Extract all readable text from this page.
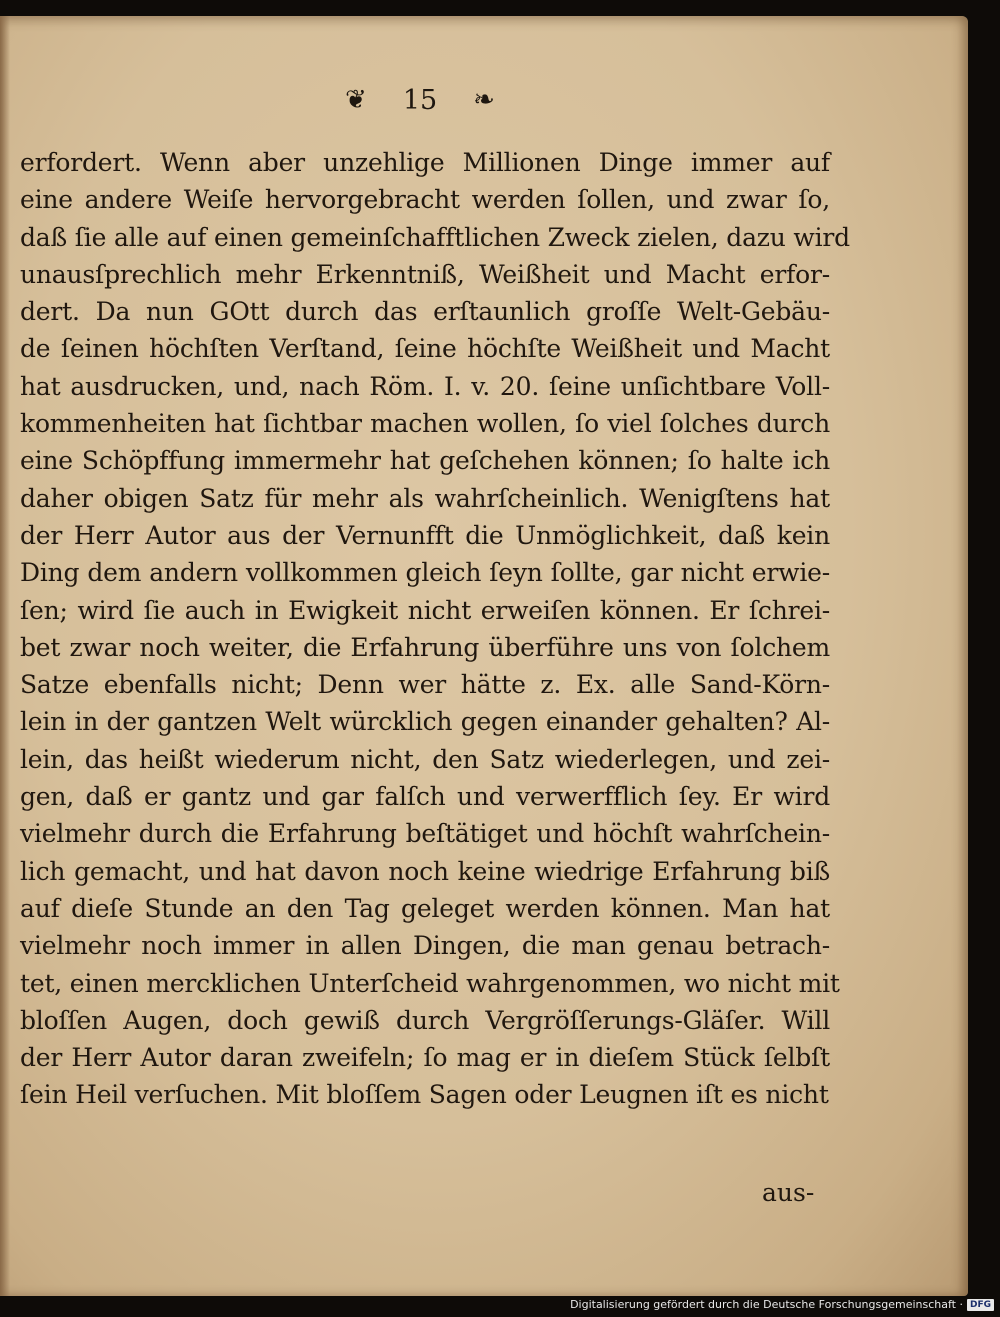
❦ 15 ❧
erfordert. Wenn aber unzehlige Millionen Dinge immer auf
eine andere Weiſe hervorgebracht werden ſollen, und zwar ſo,
daß ſie alle auf einen gemeinſchafftlichen Zweck zielen, dazu wird
unausſprechlich mehr Erkenntniß, Weißheit und Macht erfor-
dert. Da nun GOtt durch das erſtaunlich groſſe Welt-Gebäu-
de ſeinen höchſten Verſtand, ſeine höchſte Weißheit und Macht
hat ausdrucken, und, nach Röm. I. v. 20. ſeine unſichtbare Voll-
kommenheiten hat ſichtbar machen wollen, ſo viel ſolches durch
eine Schöpffung immermehr hat geſchehen können; ſo halte ich
daher obigen Satz für mehr als wahrſcheinlich. Wenigſtens hat
der Herr Autor aus der Vernunfft die Unmöglichkeit, daß kein
Ding dem andern vollkommen gleich ſeyn ſollte, gar nicht erwie-
ſen; wird ſie auch in Ewigkeit nicht erweiſen können. Er ſchrei-
bet zwar noch weiter, die Erfahrung überführe uns von ſolchem
Satze ebenfalls nicht; Denn wer hätte z. Ex. alle Sand-Körn-
lein in der gantzen Welt würcklich gegen einander gehalten? Al-
lein, das heißt wiederum nicht, den Satz wiederlegen, und zei-
gen, daß er gantz und gar falſch und verwerfflich ſey. Er wird
vielmehr durch die Erfahrung beſtätiget und höchſt wahrſchein-
lich gemacht, und hat davon noch keine wiedrige Erfahrung biß
auf dieſe Stunde an den Tag geleget werden können. Man hat
vielmehr noch immer in allen Dingen, die man genau betrach-
tet, einen mercklichen Unterſcheid wahrgenommen, wo nicht mit
bloſſen Augen, doch gewiß durch Vergröſſerungs-Gläſer. Will
der Herr Autor daran zweifeln; ſo mag er in dieſem Stück ſelbſt
ſein Heil verſuchen. Mit bloſſem Sagen oder Leugnen iſt es nicht
aus-
Digitalisierung gefördert durch die Deutsche Forschungsgemeinschaft · DFG
